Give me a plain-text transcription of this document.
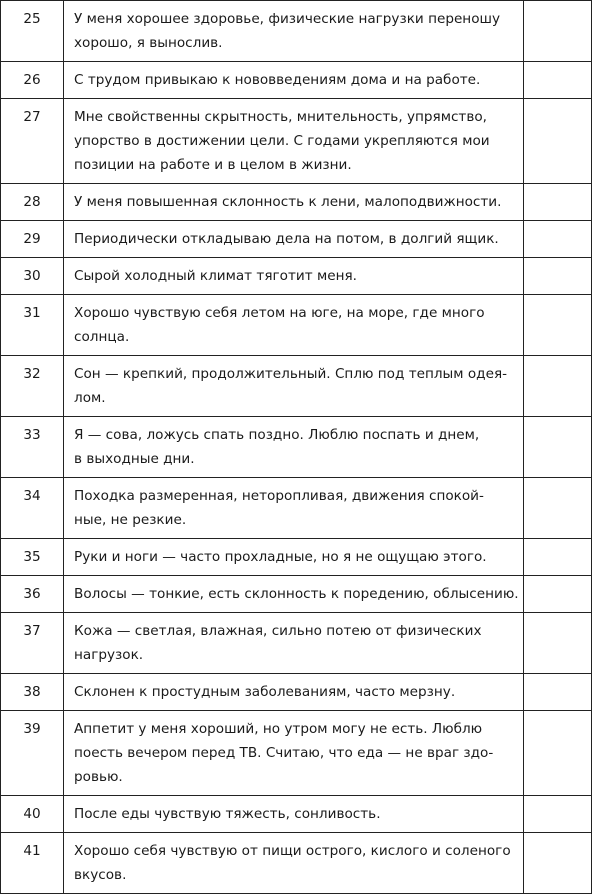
25	У меня хорошее здоровье, физические нагрузки переношу
хорошо, я вынослив.	

26	С трудом привыкаю к нововведениям дома и на работе.	

27	Мне свойственны скрытность, мнительность, упрямство,
упорство в достижении цели. С годами укрепляются мои
позиции на работе и в целом в жизни.	

28	У меня повышенная склонность к лени, малоподвижности.	

29	Периодически откладываю дела на потом, в долгий ящик.	

30	Сырой холодный климат тяготит меня.	

31	Хорошо чувствую себя летом на юге, на море, где много
солнца.	

32	Сон — крепкий, продолжительный. Сплю под теплым одея-
лом.	

33	Я — сова, ложусь спать поздно. Люблю поспать и днем,
в выходные дни.	

34	Походка размеренная, неторопливая, движения спокой-
ные, не резкие.	

35	Руки и ноги — часто прохладные, но я не ощущаю этого.	

36	Волосы — тонкие, есть склонность к поредению, облысению.	

37	Кожа — светлая, влажная, сильно потею от физических
нагрузок.	

38	Склонен к простудным заболеваниям, часто мерзну.	

39	Аппетит у меня хороший, но утром могу не есть. Люблю
поесть вечером перед ТВ. Считаю, что еда — не враг здо-
ровью.	

40	После еды чувствую тяжесть, сонливость.	

41	Хорошо себя чувствую от пищи острого, кислого и соленого
вкусов.	
